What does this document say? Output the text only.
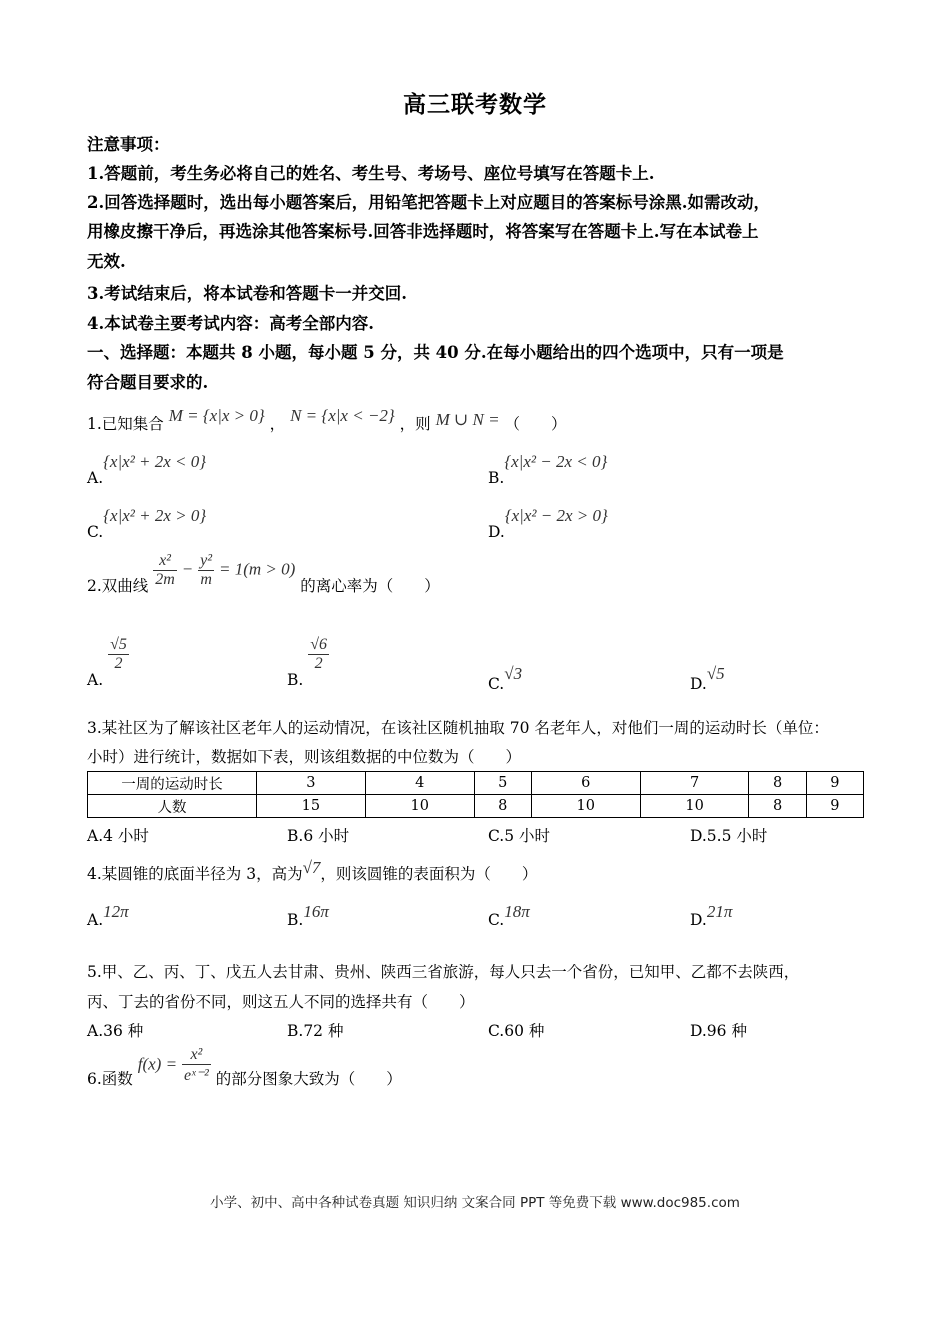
高三联考数学
注意事项：
1.答题前，考生务必将自己的姓名、考生号、考场号、座位号填写在答题卡上.
2.回答选择题时，选出每小题答案后，用铅笔把答题卡上对应题目的答案标号涂黑.如需改动，
用橡皮擦干净后，再选涂其他答案标号.回答非选择题时，将答案写在答题卡上.写在本试卷上
无效.
3.考试结束后，将本试卷和答题卡一并交回.
4.本试卷主要考试内容：高考全部内容.
一、选择题：本题共 8 小题，每小题 5 分，共 40 分.在每小题给出的四个选项中，只有一项是
符合题目要求的.
1.已知集合 M = {x|x > 0} ， N = {x|x < −2} ，则 M ∪ N = （　　）
A.{x|x² + 2x < 0}
B.{x|x² − 2x < 0}
C.{x|x² + 2x > 0}
D.{x|x² − 2x > 0}
2.双曲线 $\frac{\text{x²}}{2m} - \frac{\text{y²}}{m} = 1(m > 0)$ 的离心率为（　　）
A.
$\frac{√5}{2}$
B.
$\frac{√6}{2}$
C.√3
D.√5
3.某社区为了解该社区老年人的运动情况，在该社区随机抽取 70 名老年人，对他们一周的运动时长（单位：
小时）进行统计，数据如下表，则该组数据的中位数为（　　）
一周的运动时长	3	4	5	6	7	8	9
人数	15	10	8	10	10	8	9
A.4 小时	B.6 小时	C.5 小时	D.5.5 小时
4.某圆锥的底面半径为 3，高为√7，则该圆锥的表面积为（　　）
A.12π	B.16π	C.18π	D.21π
5.甲、乙、丙、丁、戊五人去甘肃、贵州、陕西三省旅游，每人只去一个省份，已知甲、乙都不去陕西，
丙、丁去的省份不同，则这五人不同的选择共有（　　）
A.36 种	B.72 种	C.60 种	D.96 种
6.函数 $f(x) = \frac{\text{x²}}{\text{eˣ⁻²}}$ 的部分图象大致为（　　）
小学、初中、高中各种试卷真题 知识归纳 文案合同 PPT 等免费下载 www.doc985.com
